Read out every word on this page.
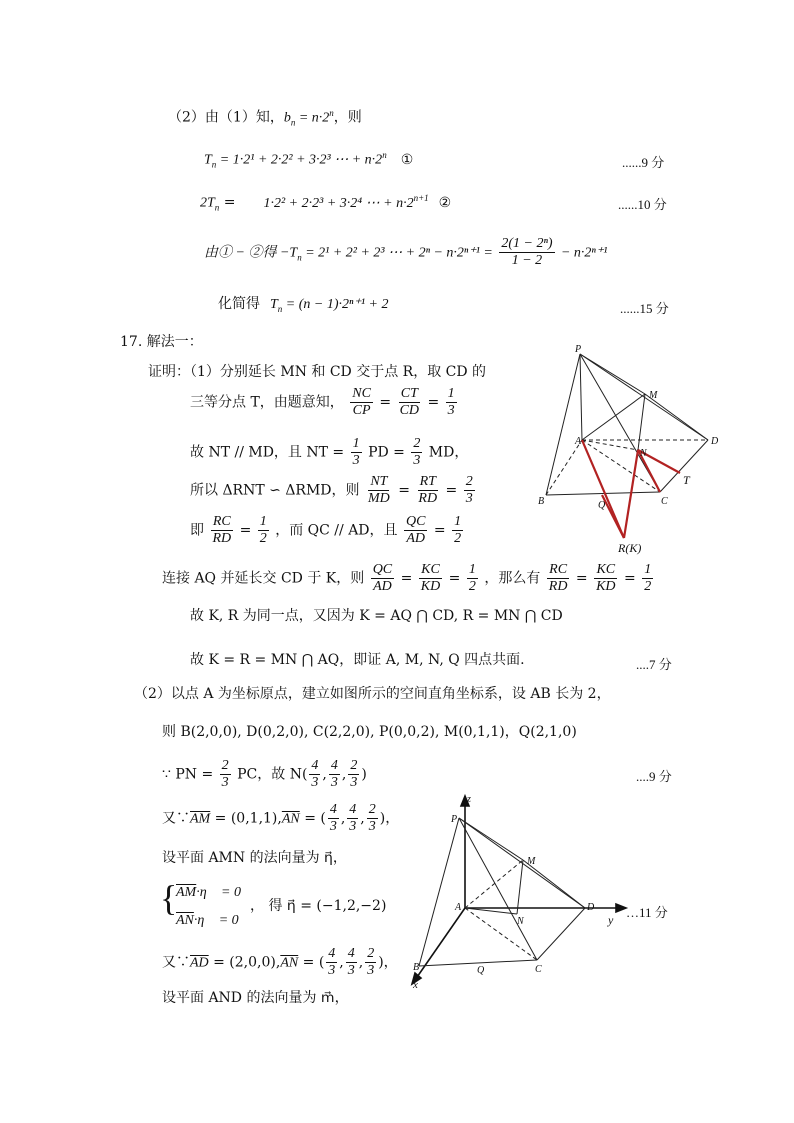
（2）由（1）知，$b_n = n\cdot 2^n$，则
$T_n = 1\cdot 2^1 + 2\cdot 2^2 + 3\cdot 2^3$ ⋯ + $n\cdot 2^n$ ①	......9 分
$2T_n = 1\cdot 2^2 + 2\cdot 2^3 + 3\cdot 2^4$ ⋯ + $n\cdot 2^{n+1}$ ②	......10 分
由① − ②得 $-T_n = 2^1 + 2^2 + 2^3$ ⋯ + $2^n - n\cdot 2^{n+1} = \frac{\text{2(1 − 2ⁿ)}}{1 - 2} - n\cdot 2^{n+1}$
化简得 $T_n = (n - 1)\cdot 2^{n+1} + 2$	......15 分
17. 解法一：
证明：（1）分别延长 MN 和 CD 交于点 R，取 CD 的
三等分点 T，由题意知， $\frac{NC}{CP} = \frac{CT}{CD} = \frac{1}{3}$
故 NT // MD，且 NT = $\frac{1}{3}$ PD = $\frac{2}{3}$ MD，
所以 ΔRNT ∽ ΔRMD，则 $\frac{NT}{MD} = \frac{RT}{RD} = \frac{2}{3}$
即 $\frac{RC}{RD} = \frac{1}{2}$ ，而 QC // AD，且 $\frac{QC}{AD} = \frac{1}{2}$
连接 AQ 并延长交 CD 于 K，则 $\frac{QC}{AD} = \frac{KC}{KD} = \frac{1}{2}$ ，那么有 $\frac{RC}{RD} = \frac{KC}{KD} = \frac{1}{2}$
故 K, R 为同一点，又因为 K = AQ ⋂ CD, R = MN ⋂ CD
故 K = R = MN ⋂ AQ，即证 A, M, N, Q 四点共面.	....7 分
P
M
A
N
D
T
B	Q	C
R(K)
（2）以点 A 为坐标原点，建立如图所示的空间直角坐标系，设 AB 长为 2，
则 B(2,0,0), D(0,2,0), C(2,2,0), P(0,0,2), M(0,1,1)，Q(2,1,0)
∵ PN = $\frac{2}{3}$ PC，故 $N( \frac{4}{3}$ , $\frac{4}{3}$ , $\frac{2}{3}$ )	....9 分
又$\because\overline{AM} = (0,1,1),\overline{AN}$ = ( $\frac{4}{3}$ , $\frac{4}{3}$ , $\frac{2}{3}$ )，
设平面 AMN 的法向量为 η⃗，
{
$\overline{AM}\cdot\eta⃗ = 0$
$\overline{AN}\cdot\eta⃗ = 0$
， 得 η⃗ = (−1,2,−2)	…11 分
又$\because\overline{AD} = (2,0,0),\overline{AN}$ = ( $\frac{4}{3}$ , $\frac{4}{3}$ , $\frac{2}{3}$ )，
设平面 AND 的法向量为 m⃗，
z
P
M
A
N
D
y
B	Q	C
x
